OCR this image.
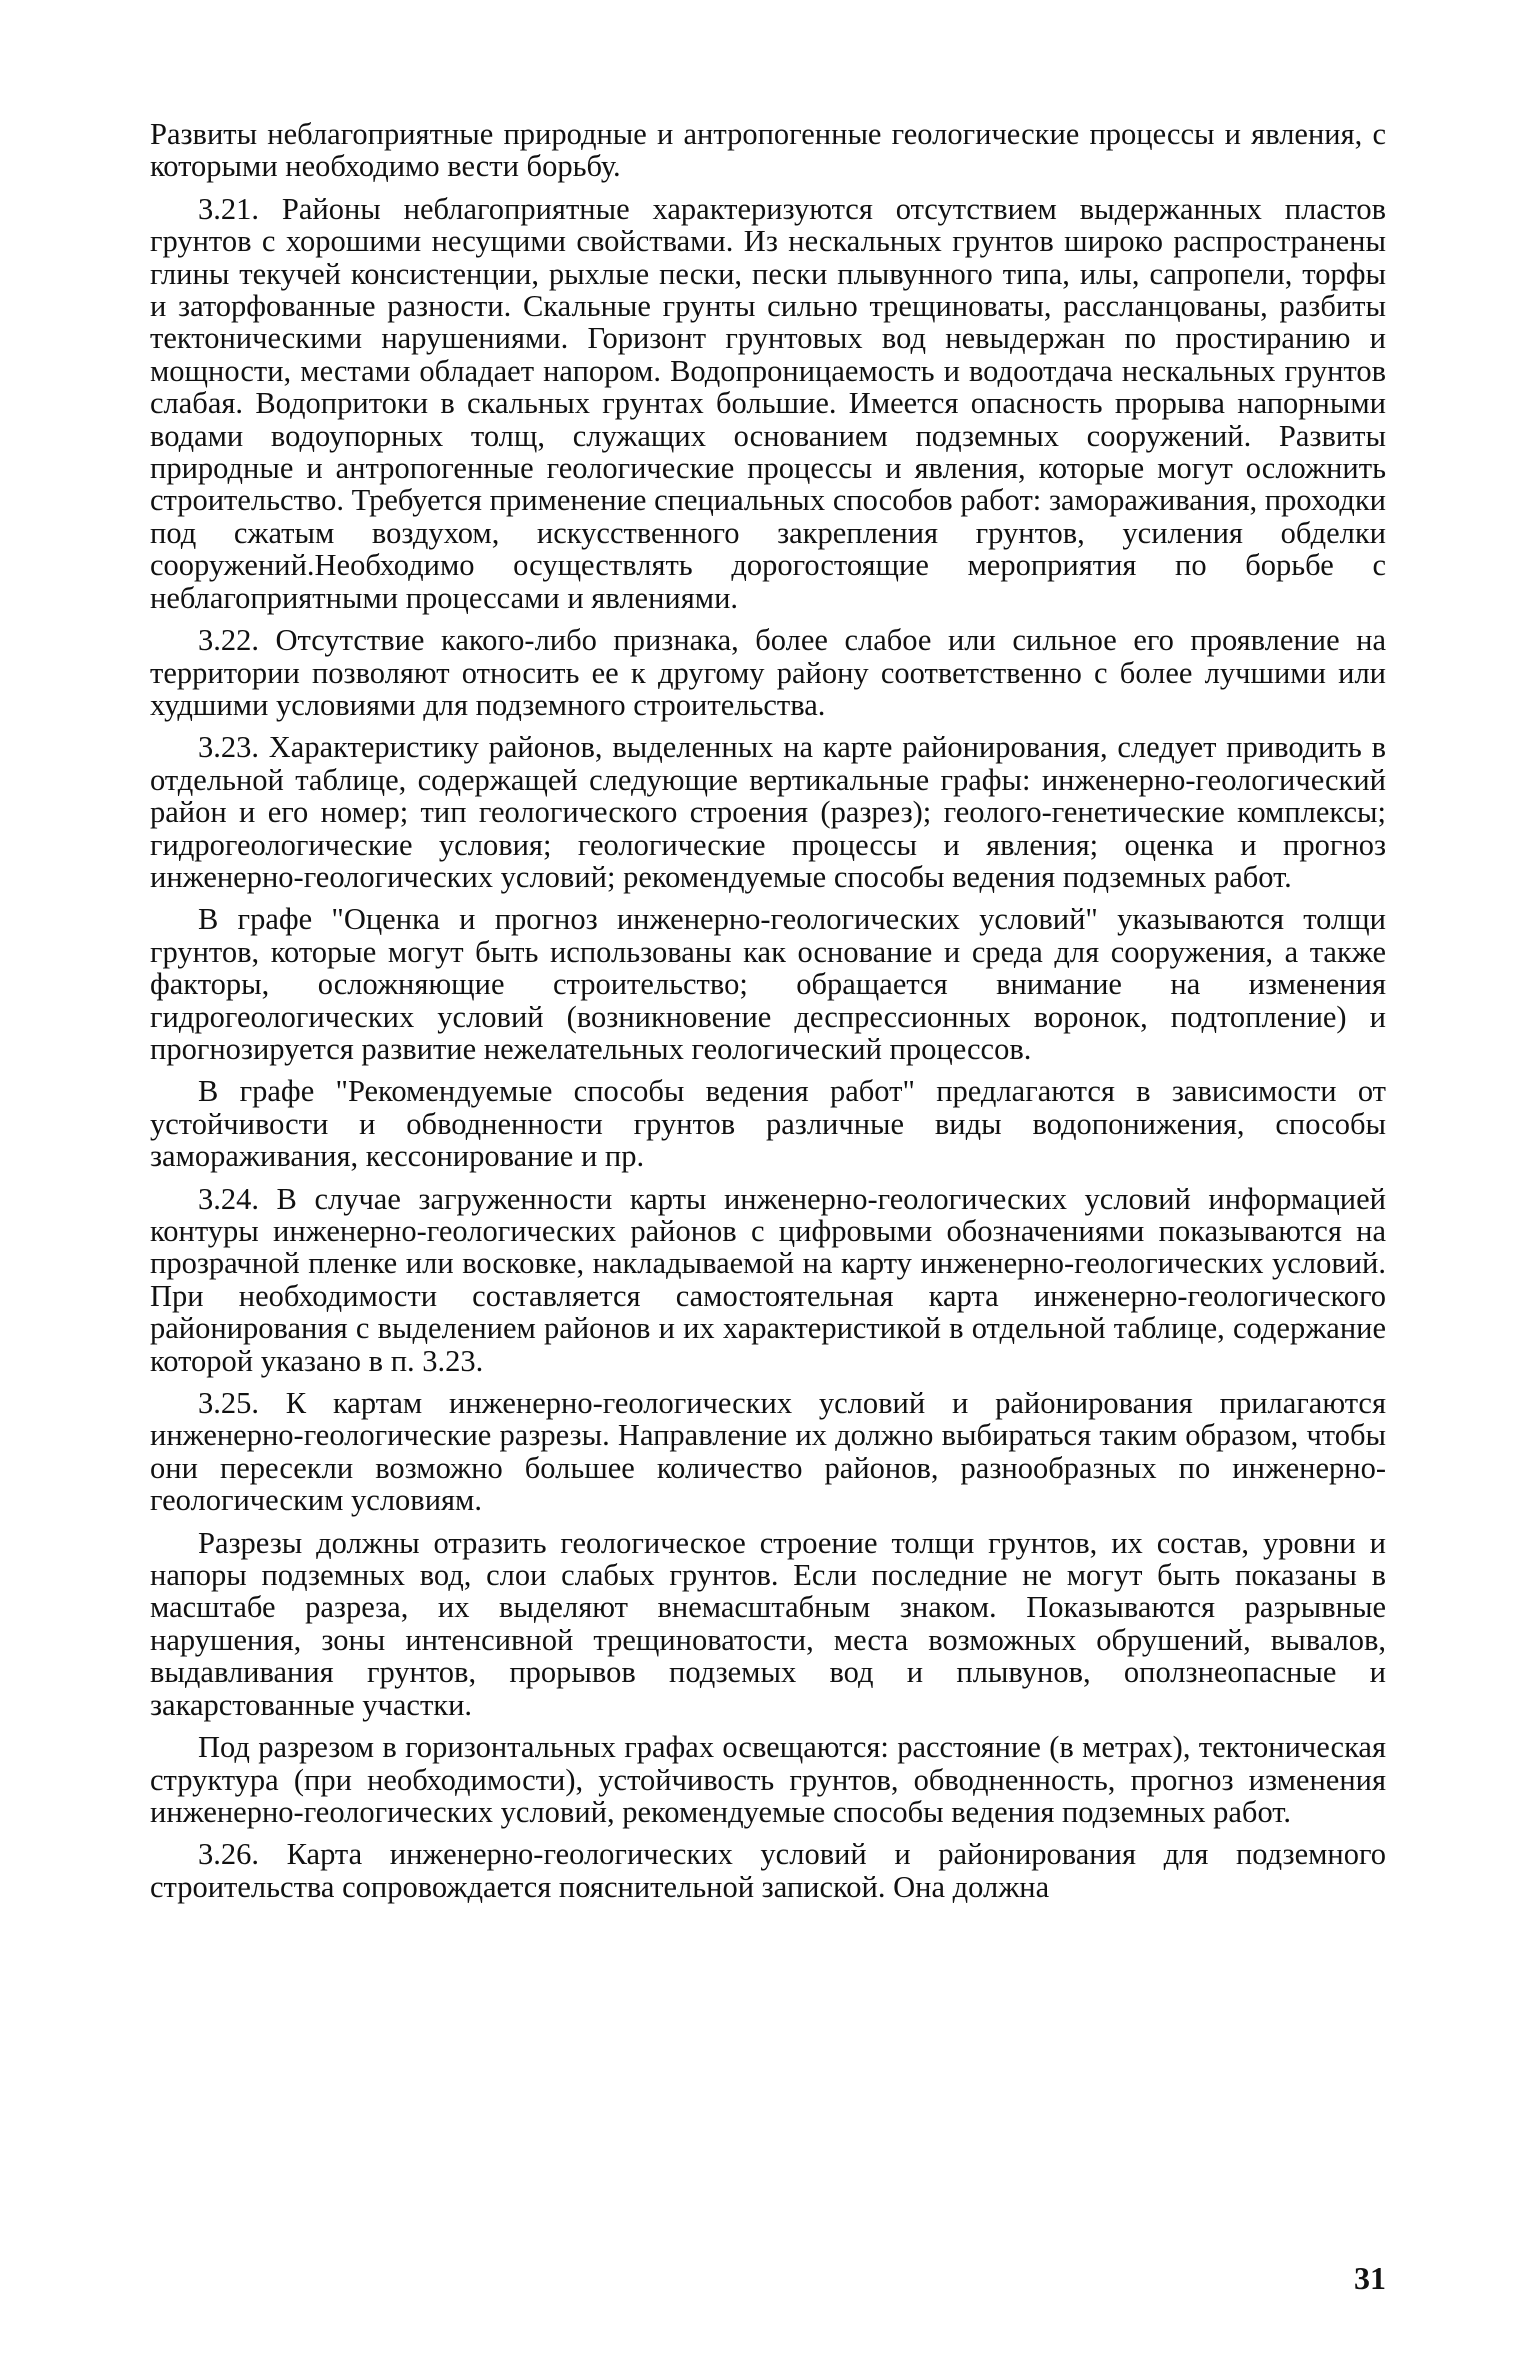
Развиты неблагоприятные природные и антропогенные геологические процессы и явления, с которыми необходимо вести борьбу.

3.21. Районы неблагоприятные характеризуются отсутствием выдержанных пластов грунтов с хорошими несущими свойствами. Из нескальных грунтов широко распространены глины текучей консистенции, рыхлые пески, пески плывунного типа, илы, сапропели, торфы и заторфованные разности. Скальные грунты сильно трещиноваты, рассланцованы, разбиты тектоническими нарушениями. Горизонт грунтовых вод невыдержан по простиранию и мощности, местами обладает напором. Водопроницаемость и водоотдача нескальных грунтов слабая. Водопритоки в скальных грунтах большие. Имеется опасность прорыва напорными водами водоупорных толщ, служащих основанием подземных сооружений. Развиты природные и антропогенные геологические процессы и явления, которые могут осложнить строительство. Требуется применение специальных способов работ: замораживания, проходки под сжатым воздухом, искусственного закрепления грунтов, усиления обделки сооружений.Необходимо осуществлять дорогостоящие мероприятия по борьбе с неблагоприятными процессами и явлениями.

3.22. Отсутствие какого-либо признака, более слабое или сильное его проявление на территории позволяют относить ее к другому району соответственно с более лучшими или худшими условиями для подземного строительства.

3.23. Характеристику районов, выделенных на карте районирования, следует приводить в отдельной таблице, содержащей следующие вертикальные графы: инженерно-геологический район и его номер; тип геологического строения (разрез); геолого-генетические комплексы; гидрогеологические условия; геологические процессы и явления; оценка и прогноз инженерно-геологических условий; рекомендуемые способы ведения подземных работ.

В графе "Оценка и прогноз инженерно-геологических условий" указываются толщи грунтов, которые могут быть использованы как основание и среда для сооружения, а также факторы, осложняющие строительство; обращается внимание на изменения гидрогеологических условий (возникновение деспрессионных воронок, подтопление) и прогнозируется развитие нежелательных геологический процессов.

В графе "Рекомендуемые способы ведения работ" предлагаются в зависимости от устойчивости и обводненности грунтов различные виды водопонижения, способы замораживания, кессонирование и пр.

3.24. В случае загруженности карты инженерно-геологических условий информацией контуры инженерно-геологических районов с цифровыми обозначениями показываются на прозрачной пленке или восковке, накладываемой на карту инженерно-геологических условий. При необходимости составляется самостоятельная карта инженерно-геологического районирования с выделением районов и их характеристикой в отдельной таблице, содержание которой указано в п. 3.23.

3.25. К картам инженерно-геологических условий и районирования прилагаются инженерно-геологические разрезы. Направление их должно выбираться таким образом, чтобы они пересекли возможно большее количество районов, разнообразных по инженерно-геологическим условиям.

Разрезы должны отразить геологическое строение толщи грунтов, их состав, уровни и напоры подземных вод, слои слабых грунтов. Если последние не могут быть показаны в масштабе разреза, их выделяют внемасштабным знаком. Показываются разрывные нарушения, зоны интенсивной трещиноватости, места возможных обрушений, вывалов, выдавливания грунтов, прорывов подземых вод и плывунов, оползнеопасные и закарстованные участки.

Под разрезом в горизонтальных графах освещаются: расстояние (в метрах), тектоническая структура (при необходимости), устойчивость грунтов, обводненность, прогноз изменения инженерно-геологических условий, рекомендуемые способы ведения подземных работ.

3.26. Карта инженерно-геологических условий и районирования для подземного строительства сопровождается пояснительной запиской. Она должна

31
